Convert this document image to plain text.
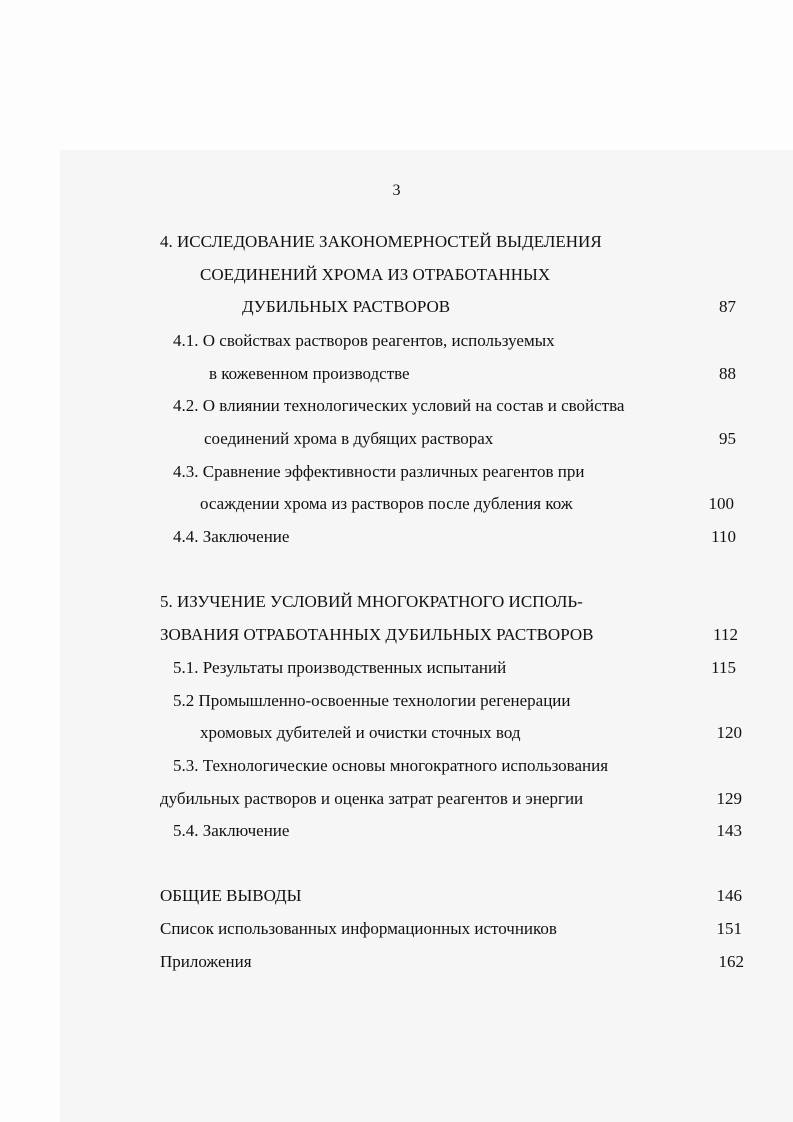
3
4. ИССЛЕДОВАНИЕ ЗАКОНОМЕРНОСТЕЙ ВЫДЕЛЕНИЯ
СОЕДИНЕНИЙ ХРОМА ИЗ ОТРАБОТАННЫХ
ДУБИЛЬНЫХ РАСТВОРОВ	87
4.1. О свойствах растворов реагентов, используемых
в кожевенном производстве	88
4.2. О влиянии технологических условий на состав и свойства
соединений хрома в дубящих растворах	95
4.3. Сравнение эффективности различных реагентов при
осаждении хрома из растворов после дубления кож	100
4.4. Заключение	110
5. ИЗУЧЕНИЕ УСЛОВИЙ МНОГОКРАТНОГО ИСПОЛЬ-
ЗОВАНИЯ ОТРАБОТАННЫХ ДУБИЛЬНЫХ РАСТВОРОВ	112
5.1. Результаты производственных испытаний	115
5.2 Промышленно-освоенные технологии регенерации
хромовых дубителей и очистки сточных вод	120
5.3. Технологические основы многократного использования
дубильных растворов и оценка затрат реагентов и энергии	129
5.4. Заключение	143
ОБЩИЕ ВЫВОДЫ	146
Список использованных информационных источников	151
Приложения	162
